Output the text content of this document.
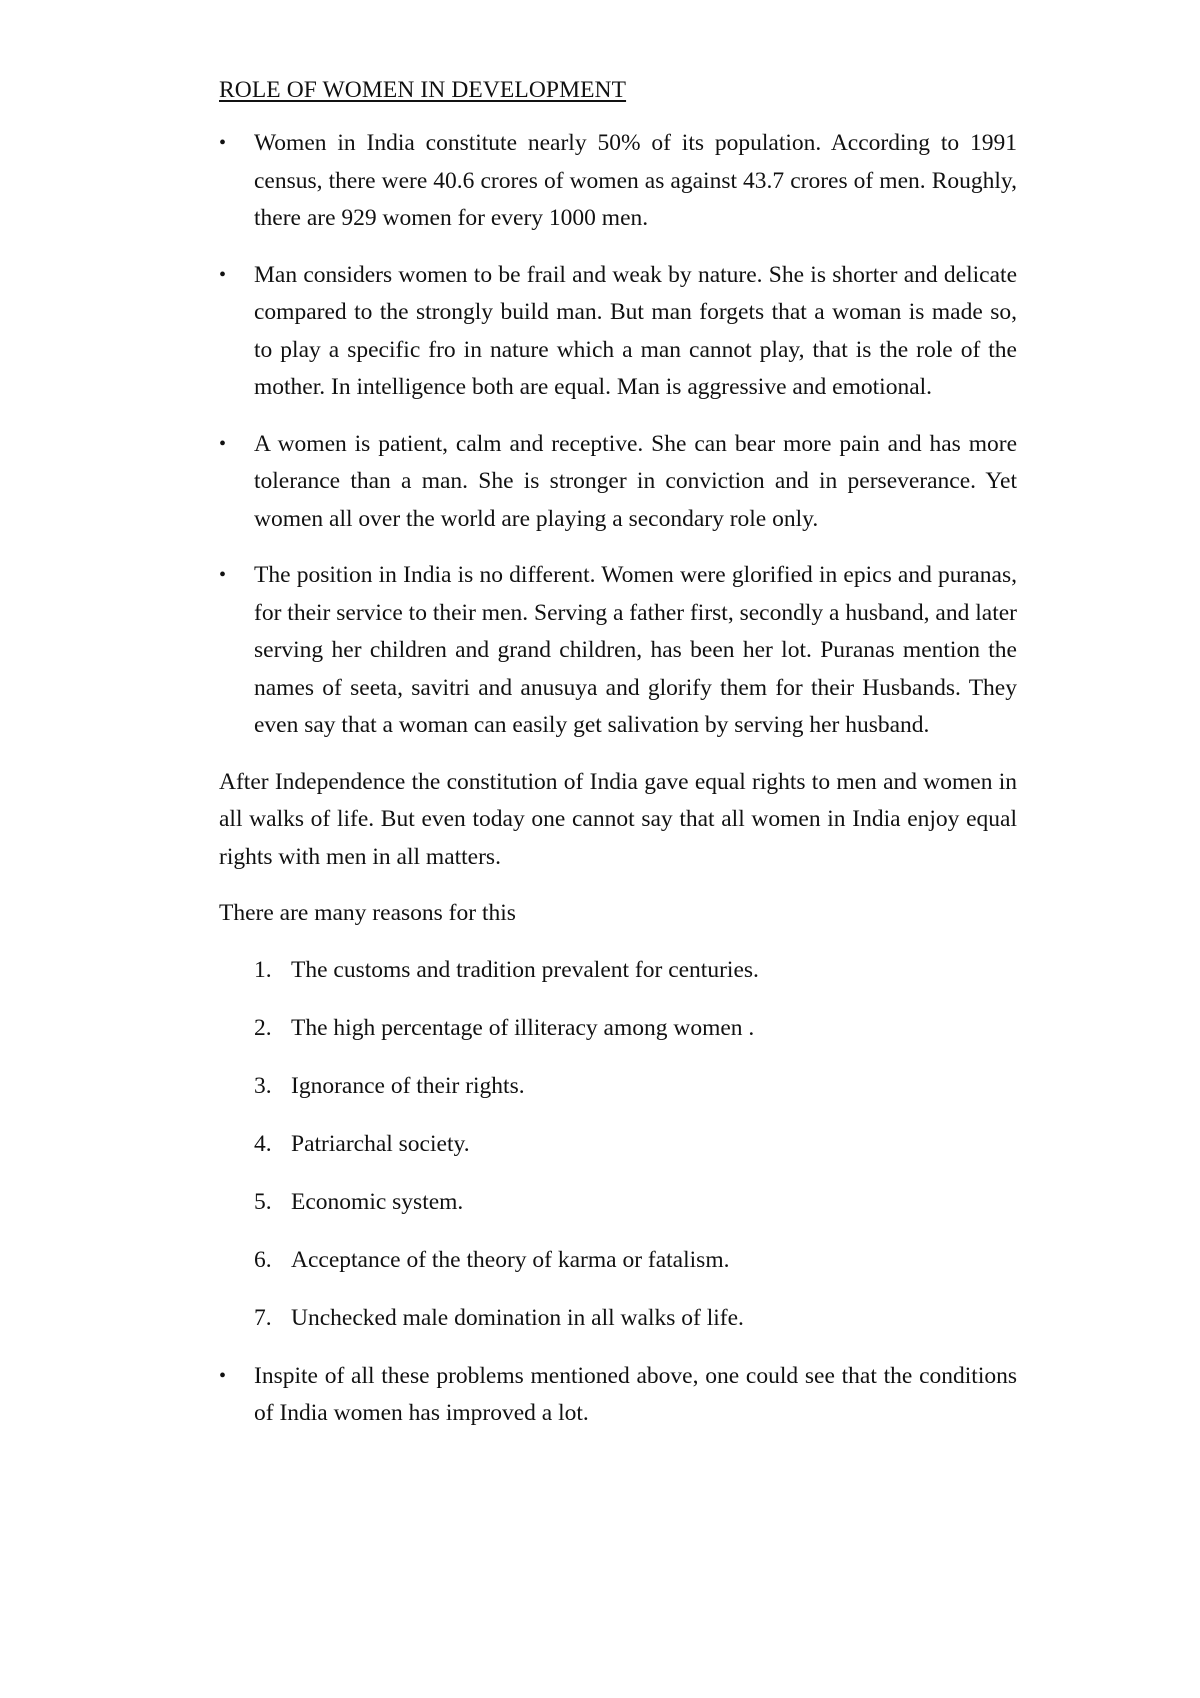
ROLE OF WOMEN IN DEVELOPMENT
•	Women in India constitute nearly 50% of its population. According to 1991 census, there were 40.6 crores of women as against 43.7 crores of men. Roughly, there are 929 women for every 1000 men.
•	Man considers women to be frail and weak by nature. She is shorter and delicate compared to the strongly build man. But man forgets that a woman is made so, to play a specific fro in nature which a man cannot play, that is the role of the mother. In intelligence both are equal. Man is aggressive and emotional.
•	A women is patient, calm and receptive. She can bear more pain and has more tolerance than a man. She is stronger in conviction and in perseverance. Yet women all over the world are playing a secondary role only.
•	The position in India is no different. Women were glorified in epics and puranas, for their service to their men. Serving a father first, secondly a husband, and later serving her children and grand children, has been her lot. Puranas mention the names of seeta, savitri and anusuya and glorify them for their Husbands. They even say that a woman can easily get salivation by serving her husband.

After Independence the constitution of India gave equal rights to men and women in all walks of life. But even today one cannot say that all women in India enjoy equal rights with men in all matters.

There are many reasons for this

1. The customs and tradition prevalent for centuries.
2. The high percentage of illiteracy among women .
3. Ignorance of their rights.
4. Patriarchal society.
5. Economic system.
6. Acceptance of the theory of karma or fatalism.
7. Unchecked male domination in all walks of life.
•	Inspite of all these problems mentioned above, one could see that the conditions of India women has improved a lot.
